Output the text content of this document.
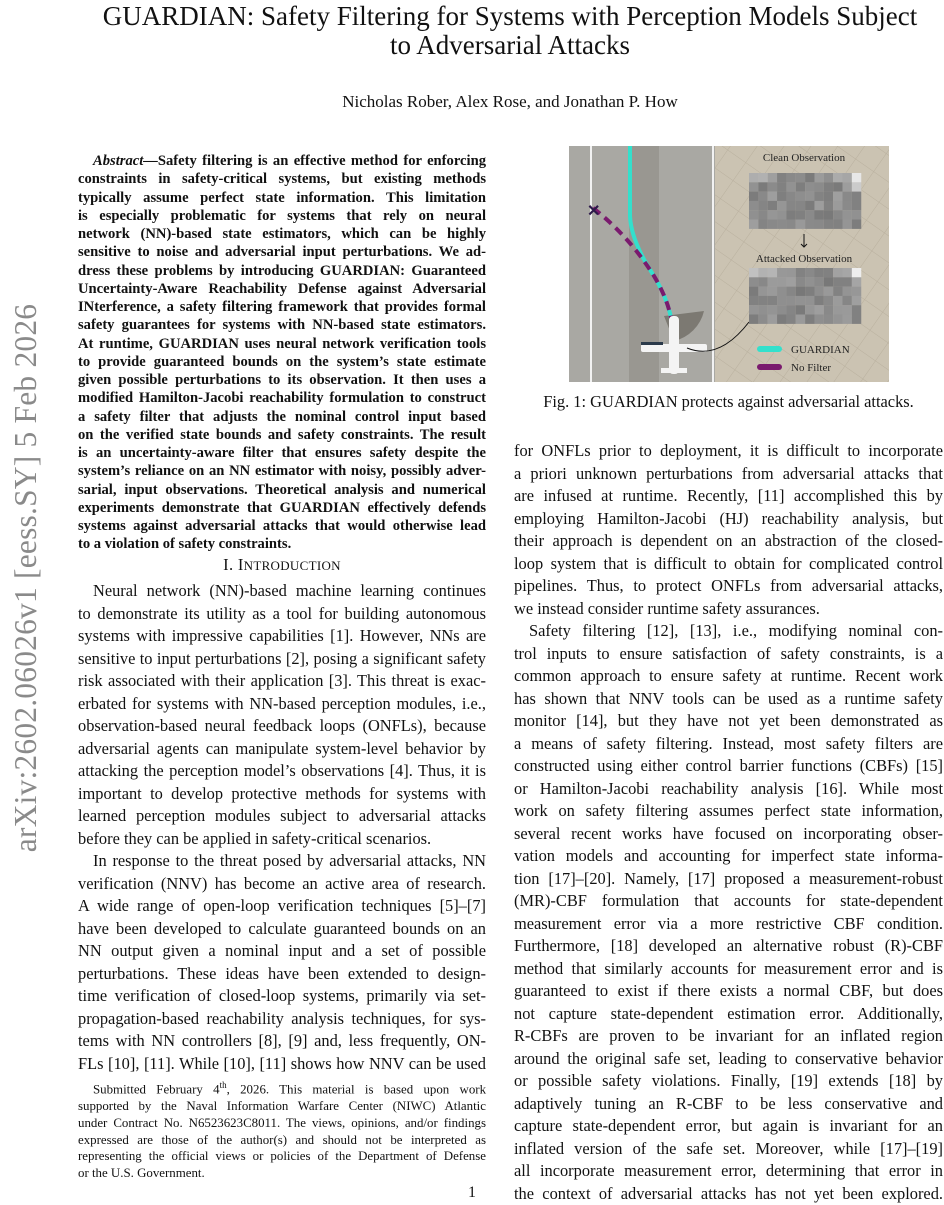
arXiv:2602.06026v1 [eess.SY] 5 Feb 2026
GUARDIAN: Safety Filtering for Systems with Perception Models Subject
to Adversarial Attacks
Nicholas Rober, Alex Rose, and Jonathan P. How
Abstract—Safety filtering is an effective method for enforcing
constraints in safety-critical systems, but existing methods
typically assume perfect state information. This limitation
is especially problematic for systems that rely on neural
network (NN)-based state estimators, which can be highly
sensitive to noise and adversarial input perturbations. We ad-
dress these problems by introducing GUARDIAN: Guaranteed
Uncertainty-Aware Reachability Defense against Adversarial
INterference, a safety filtering framework that provides formal
safety guarantees for systems with NN-based state estimators.
At runtime, GUARDIAN uses neural network verification tools
to provide guaranteed bounds on the system’s state estimate
given possible perturbations to its observation. It then uses a
modified Hamilton-Jacobi reachability formulation to construct
a safety filter that adjusts the nominal control input based
on the verified state bounds and safety constraints. The result
is an uncertainty-aware filter that ensures safety despite the
system’s reliance on an NN estimator with noisy, possibly adver-
sarial, input observations. Theoretical analysis and numerical
experiments demonstrate that GUARDIAN effectively defends
systems against adversarial attacks that would otherwise lead
to a violation of safety constraints.
I. INTRODUCTION
Neural network (NN)-based machine learning continues
to demonstrate its utility as a tool for building autonomous
systems with impressive capabilities [1]. However, NNs are
sensitive to input perturbations [2], posing a significant safety
risk associated with their application [3]. This threat is exac-
erbated for systems with NN-based perception modules, i.e.,
observation-based neural feedback loops (ONFLs), because
adversarial agents can manipulate system-level behavior by
attacking the perception model’s observations [4]. Thus, it is
important to develop protective methods for systems with
learned perception modules subject to adversarial attacks
before they can be applied in safety-critical scenarios.
In response to the threat posed by adversarial attacks, NN
verification (NNV) has become an active area of research.
A wide range of open-loop verification techniques [5]–[7]
have been developed to calculate guaranteed bounds on an
NN output given a nominal input and a set of possible
perturbations. These ideas have been extended to design-
time verification of closed-loop systems, primarily via set-
propagation-based reachability analysis techniques, for sys-
tems with NN controllers [8], [9] and, less frequently, ON-
FLs [10], [11]. While [10], [11] shows how NNV can be used
Submitted February 4th, 2026. This material is based upon work
supported by the Naval Information Warfare Center (NIWC) Atlantic
under Contract No. N6523623C8011. The views, opinions, and/or findings
expressed are those of the author(s) and should not be interpreted as
representing the official views or policies of the Department of Defense
or the U.S. Government.
✕
Clean Observation
Attacked Observation
GUARDIAN
No Filter
Fig. 1: GUARDIAN protects against adversarial attacks.
for ONFLs prior to deployment, it is difficult to incorporate
a priori unknown perturbations from adversarial attacks that
are infused at runtime. Recently, [11] accomplished this by
employing Hamilton-Jacobi (HJ) reachability analysis, but
their approach is dependent on an abstraction of the closed-
loop system that is difficult to obtain for complicated control
pipelines. Thus, to protect ONFLs from adversarial attacks,
we instead consider runtime safety assurances.
Safety filtering [12], [13], i.e., modifying nominal con-
trol inputs to ensure satisfaction of safety constraints, is a
common approach to ensure safety at runtime. Recent work
has shown that NNV tools can be used as a runtime safety
monitor [14], but they have not yet been demonstrated as
a means of safety filtering. Instead, most safety filters are
constructed using either control barrier functions (CBFs) [15]
or Hamilton-Jacobi reachability analysis [16]. While most
work on safety filtering assumes perfect state information,
several recent works have focused on incorporating obser-
vation models and accounting for imperfect state informa-
tion [17]–[20]. Namely, [17] proposed a measurement-robust
(MR)-CBF formulation that accounts for state-dependent
measurement error via a more restrictive CBF condition.
Furthermore, [18] developed an alternative robust (R)-CBF
method that similarly accounts for measurement error and is
guaranteed to exist if there exists a normal CBF, but does
not capture state-dependent estimation error. Additionally,
R-CBFs are proven to be invariant for an inflated region
around the original safe set, leading to conservative behavior
or possible safety violations. Finally, [19] extends [18] by
adaptively tuning an R-CBF to be less conservative and
capture state-dependent error, but again is invariant for an
inflated version of the safe set. Moreover, while [17]–[19]
all incorporate measurement error, determining that error in
the context of adversarial attacks has not yet been explored.
1
